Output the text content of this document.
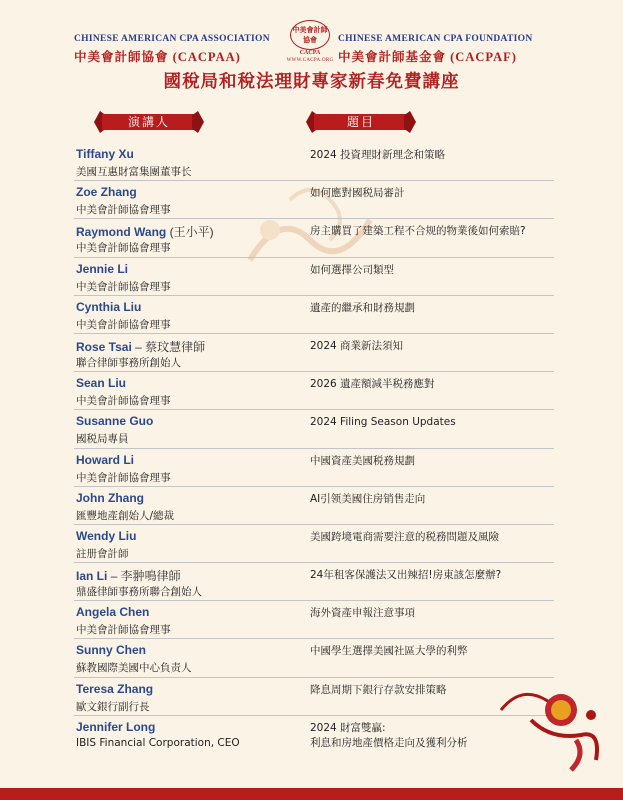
CHINESE AMERICAN CPA ASSOCIATION
中美會計師協會 (CACPAA)
中美會計師
協會
CACPA
WWW.CACPA.ORG
CHINESE AMERICAN CPA FOUNDATION
中美會計師基金會 (CACPAF)
國稅局和稅法理財專家新春免費講座
演講人	題目
Tiffany Xu
美國互惠財富集團董事长
2024 投資理財新理念和策略
Zoe Zhang
中美會計師協會理事
如何應對國税局審計
Raymond Wang (王小平)
中美會計師協會理事
房主購買了建築工程不合规的物業後如何索賠?
Jennie Li
中美會計師協會理事
如何選擇公司類型
Cynthia Liu
中美會計師協會理事
遺產的繼承和財務規劃
Rose Tsai – 蔡玟慧律師
聯合律師事務所創始人
2024 商業新法須知
Sean Liu
中美會計師協會理事
2026 遺產額減半税務應對
Susanne Guo
國税局專員
2024 Filing Season Updates
Howard Li
中美會計師協會理事
中國資產美國税務規劃
John Zhang
匯豐地產創始人/總裁
AI引领美國住房销售走向
Wendy Liu
註册會計師
美國跨境電商需要注意的税務問題及風險
Ian Li – 李翀鳴律師
鼎盛律師事務所聯合創始人
24年租客保護法又出辣招!房東該怎麼辦?
Angela Chen
中美會計師協會理事
海外資產申報注意事項
Sunny Chen
蘇教國際美國中心負责人
中國學生選擇美國社區大學的利弊
Teresa Zhang
歐文銀行副行長
降息周期下銀行存款安排策略
Jennifer Long
IBIS Financial Corporation, CEO
2024 財富雙贏:
利息和房地產價格走向及獲利分析
